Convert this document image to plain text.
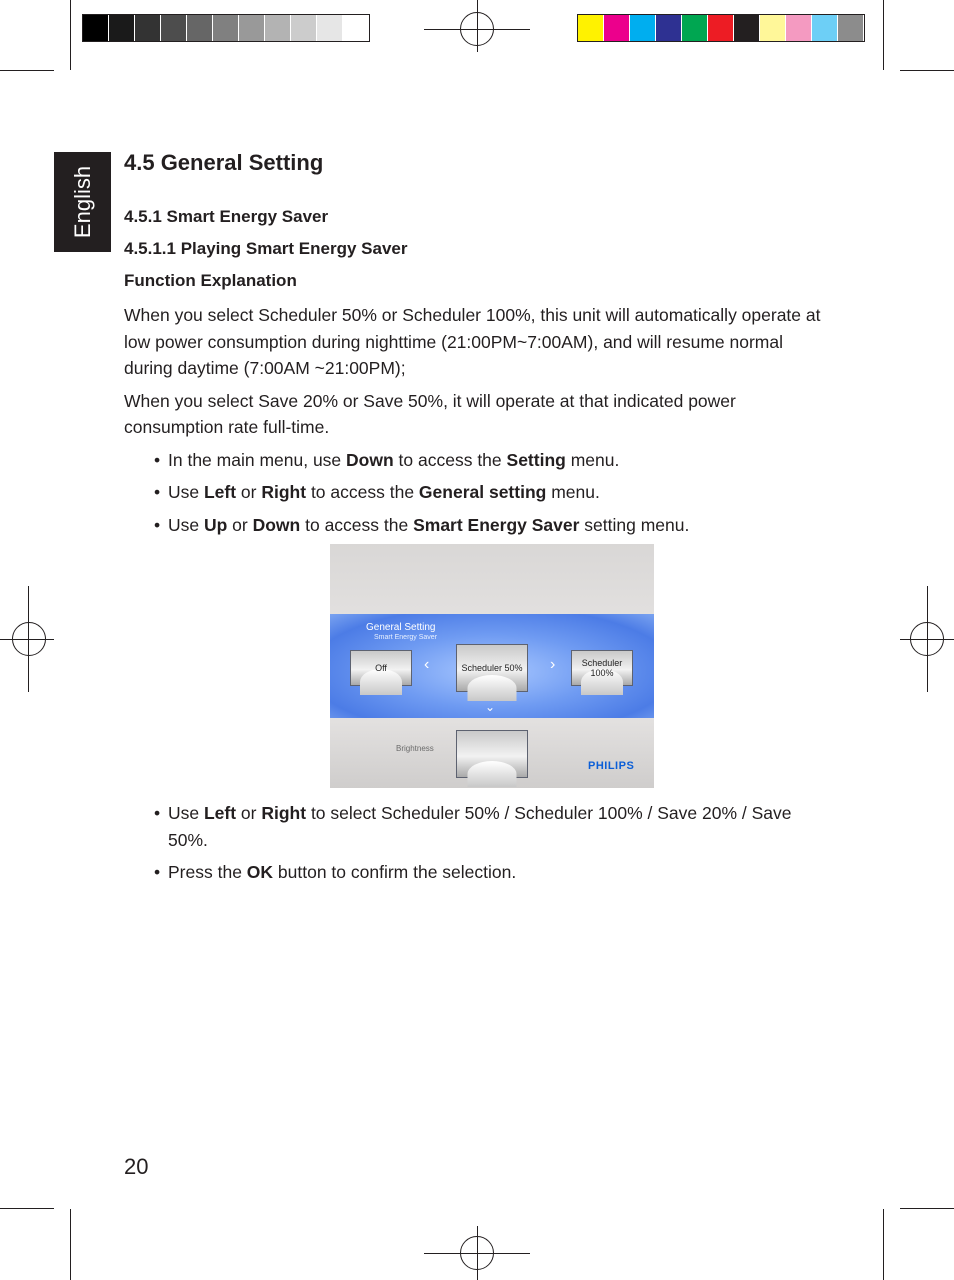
English
4.5 General Setting
4.5.1 Smart Energy Saver
4.5.1.1 Playing Smart Energy Saver
Function Explanation

When you select Scheduler 50% or Scheduler 100%, this unit will automatically operate at low power consumption during nighttime (21:00PM~7:00AM), and will resume normal during daytime (7:00AM ~21:00PM);

When you select Save 20% or Save 50%, it will operate at that indicated power consumption rate full-time.

• In the main menu, use Down to access the Setting menu.
• Use Left or Right to access the General setting menu.
• Use Up or Down to access the Smart Energy Saver setting menu.
General Setting
Smart Energy Saver
Off	‹	Scheduler 50% ›	Scheduler 100%
⌄
Brightness
PHILIPS
• Use Left or Right to select Scheduler 50% / Scheduler 100% / Save 20% / Save 50%.
• Press the OK button to confirm the selection.
20
